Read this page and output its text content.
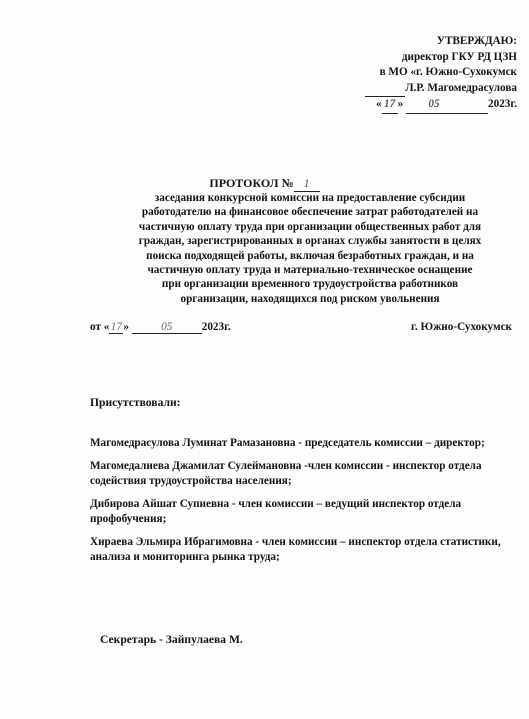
УТВЕРЖДАЮ:
директор ГКУ РД ЦЗН
в МО «г. Южно-Сухокумск
Л.Р. Магомедрасулова
« 17 » 05	2023г.
ПРОТОКОЛ № 1
заседания конкурсной комиссии на предоставление субсидии
работодателю на финансовое обеспечение затрат работодателей на
частичную оплату труда при организации общественных работ для
граждан, зарегистрированных в органах службы занятости в целях
поиска подходящей работы, включая безработных граждан, и на
частичную оплату труда и материально-техническое оснащение
при организации временного трудоустройства работников
организации, находящихся под риском увольнения
от «17»	05	2023г.	г. Южно-Сухокумск
Присутствовали:

Магомедрасулова Луминат Рамазановна - председатель комиссии – директор;

Магомедалиева Джамилат Сулеймановна -член комиссии - инспектор отдела содействия трудоустройства населения;

Дибирова Айшат Супиевна - член комиссии – ведущий инспектор отдела профобучения;

Хираева Эльмира Ибрагимовна - член комиссии – инспектор отдела статистики, анализа и мониторинга рынка труда;

Секретарь - Зайпулаева М.
